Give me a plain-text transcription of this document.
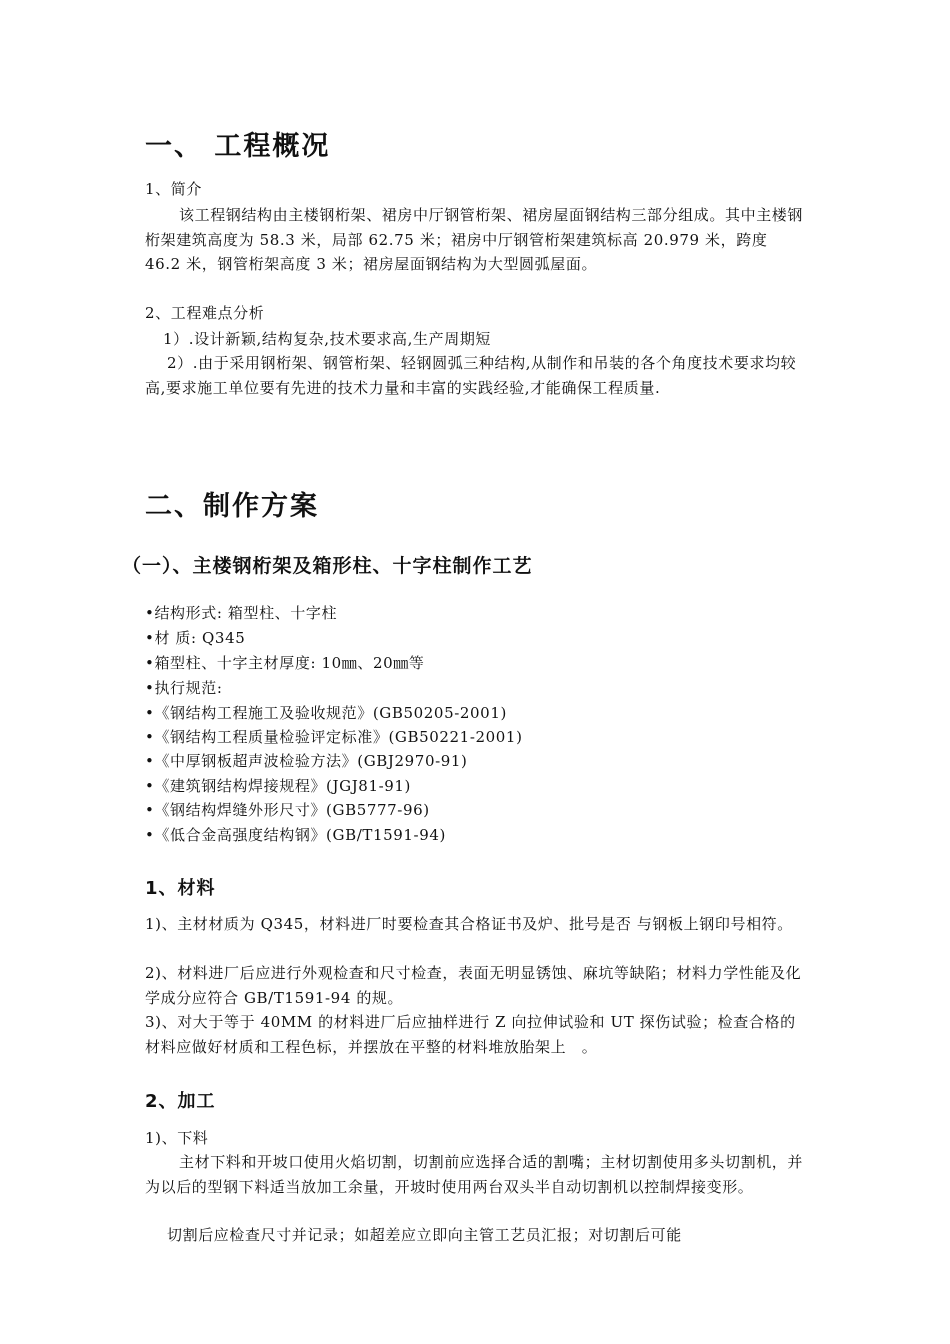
一、 工程概况
1、简介

该工程钢结构由主楼钢桁架、裙房中厅钢管桁架、裙房屋面钢结构三部分组成。其中主楼钢桁架建筑高度为 58.3 米，局部 62.75 米；裙房中厅钢管桁架建筑标高 20.979 米，跨度 46.2 米，钢管桁架高度 3 米；裙房屋面钢结构为大型圆弧屋面。

2、工程难点分析
1）.设计新颖,结构复杂,技术要求高,生产周期短

2）.由于采用钢桁架、钢管桁架、轻钢圆弧三种结构,从制作和吊装的各个角度技术要求均较高,要求施工单位要有先进的技术力量和丰富的实践经验,才能确保工程质量.

二、制作方案
（一）、主楼钢桁架及箱形柱、十字柱制作工艺
•结构形式: 箱型柱、十字柱
•材 质: Q345
•箱型柱、十字主材厚度: 10㎜、20㎜等
•执行规范:
•《钢结构工程施工及验收规范》(GB50205-2001)
•《钢结构工程质量检验评定标准》(GB50221-2001)
•《中厚钢板超声波检验方法》(GBJ2970-91)
•《建筑钢结构焊接规程》(JGJ81-91)
•《钢结构焊缝外形尺寸》(GB5777-96)
•《低合金高强度结构钢》(GB/T1591-94)
1、材料

1)、主材材质为 Q345，材料进厂时要检查其合格证书及炉、批号是否 与钢板上钢印号相符。

2)、材料进厂后应进行外观检查和尺寸检查，表面无明显锈蚀、麻坑等缺陷；材料力学性能及化学成分应符合 GB/T1591-94 的规。

3)、对大于等于 40MM 的材料进厂后应抽样进行 Z 向拉伸试验和 UT 探伤试验；检查合格的材料应做好材质和工程色标，并摆放在平整的材料堆放胎架上　。

2、加工
1)、下料

主材下料和开坡口使用火焰切割，切割前应选择合适的割嘴；主材切割使用多头切割机，并为以后的型钢下料适当放加工余量，开坡时使用两台双头半自动切割机以控制焊接变形。

切割后应检查尺寸并记录；如超差应立即向主管工艺员汇报；对切割后可能
